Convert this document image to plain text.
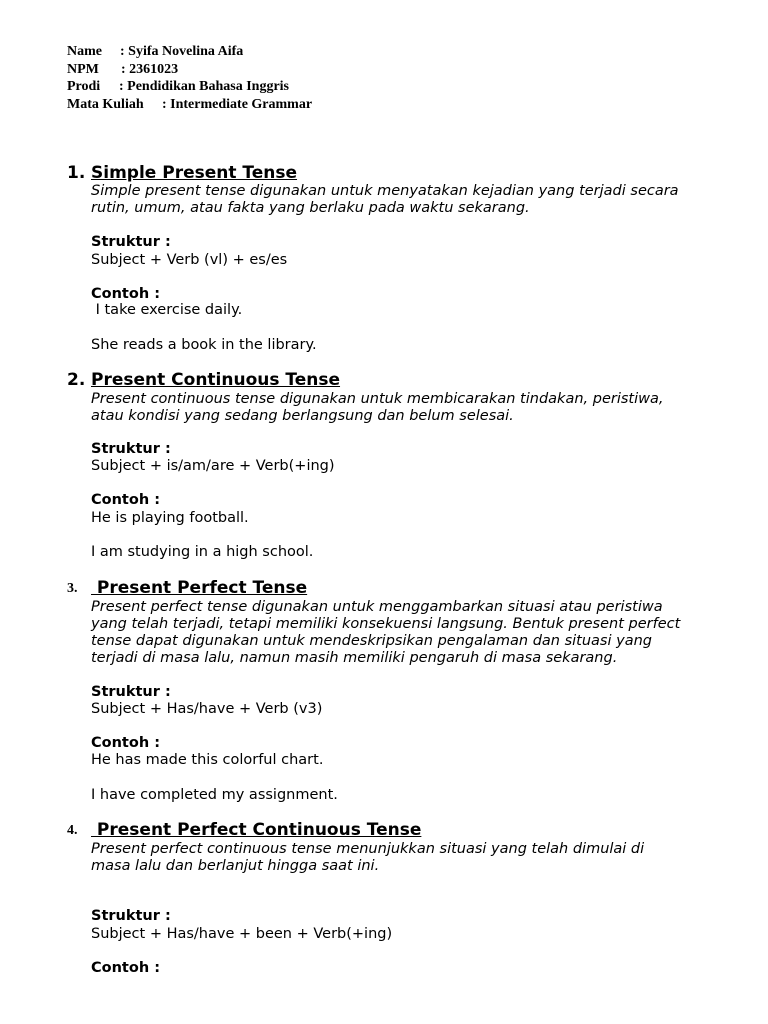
Name

: Syifa Novelina Aifa

NPM

: 2361023

Prodi

: Pendidikan Bahasa Inggris

Mata Kuliah

: Intermediate Grammar

1. Simple Present Tense
Simple present tense digunakan untuk menyatakan kejadian yang terjadi secara
rutin, umum, atau fakta yang berlaku pada waktu sekarang.
Struktur :
Subject + Verb (vl) + es/es
Contoh :
I take exercise daily.
She reads a book in the library.
2. Present Continuous Tense
Present continuous tense digunakan untuk membicarakan tindakan, peristiwa,
atau kondisi yang sedang berlangsung dan belum selesai.
Struktur :
Subject + is/am/are + Verb(+ing)
Contoh :
He is playing football.
I am studying in a high school.
3. Present Perfect Tense
Present perfect tense digunakan untuk menggambarkan situasi atau peristiwa
yang telah terjadi, tetapi memiliki konsekuensi langsung. Bentuk present perfect
tense dapat digunakan untuk mendeskripsikan pengalaman dan situasi yang
terjadi di masa lalu, namun masih memiliki pengaruh di masa sekarang.
Struktur :
Subject + Has/have + Verb (v3)
Contoh :
He has made this colorful chart.
I have completed my assignment.
4. Present Perfect Continuous Tense
Present perfect continuous tense menunjukkan situasi yang telah dimulai di
masa lalu dan berlanjut hingga saat ini.
Struktur :
Subject + Has/have + been + Verb(+ing)
Contoh :
